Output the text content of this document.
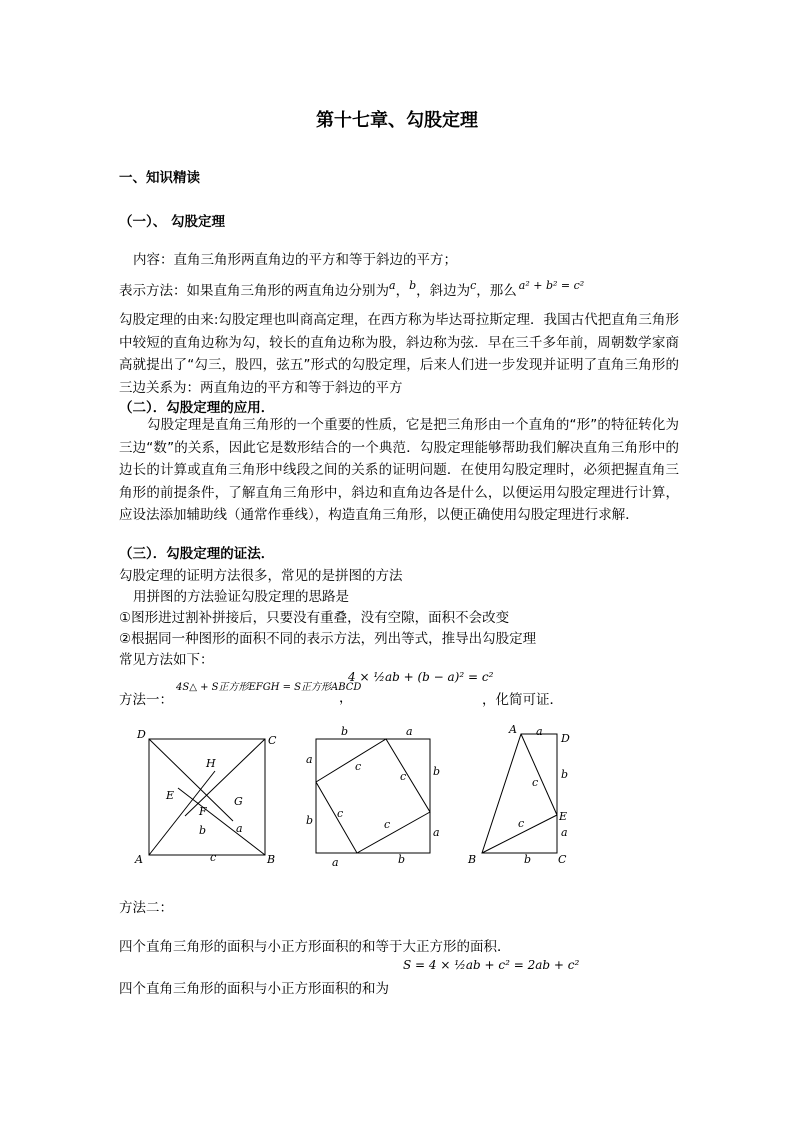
第十七章、勾股定理
一、知识精读
（一）、 勾股定理
内容：直角三角形两直角边的平方和等于斜边的平方；
表示方法：如果直角三角形的两直角边分别为$^a$，$^b$，斜边为$^c$，那么 $^{a^2 + b^2 = c^2}$
勾股定理的由来:勾股定理也叫商高定理，在西方称为毕达哥拉斯定理．我国古代把直角三角形中较短的直角边称为勾，较长的直角边称为股，斜边称为弦．早在三千多年前，周朝数学家商高就提出了“勾三，股四，弦五”形式的勾股定理，后来人们进一步发现并证明了直角三角形的三边关系为：两直角边的平方和等于斜边的平方
（二）．勾股定理的应用．
勾股定理是直角三角形的一个重要的性质，它是把三角形由一个直角的“形”的特征转化为三边“数”的关系，因此它是数形结合的一个典范．勾股定理能够帮助我们解决直角三角形中的边长的计算或直角三角形中线段之间的关系的证明问题．在使用勾股定理时，必须把握直角三角形的前提条件，了解直角三角形中，斜边和直角边各是什么，以便运用勾股定理进行计算，应设法添加辅助线（通常作垂线），构造直角三角形，以便正确使用勾股定理进行求解．
（三）．勾股定理的证法．
勾股定理的证明方法很多，常见的是拼图的方法
用拼图的方法验证勾股定理的思路是
①图形进过割补拼接后，只要没有重叠，没有空隙，面积不会改变
②根据同一种图形的面积不同的表示方法，列出等式，推导出勾股定理
常见方法如下：
方法一：
4S△ + S正方形EFGH = S正方形ABCD
，
4 × ½ab + (b − a)² = c²
，化简可证．
D	C
A	B
H
E
F
G
b	a
c
b	a
a
b
b
a
a	b
c
c
c
c
A
D
B	C
E
a
b
a
b
c
c
方法二：
四个直角三角形的面积与小正方形面积的和等于大正方形的面积．
S = 4 × ½ab + c² = 2ab + c²
四个直角三角形的面积与小正方形面积的和为
